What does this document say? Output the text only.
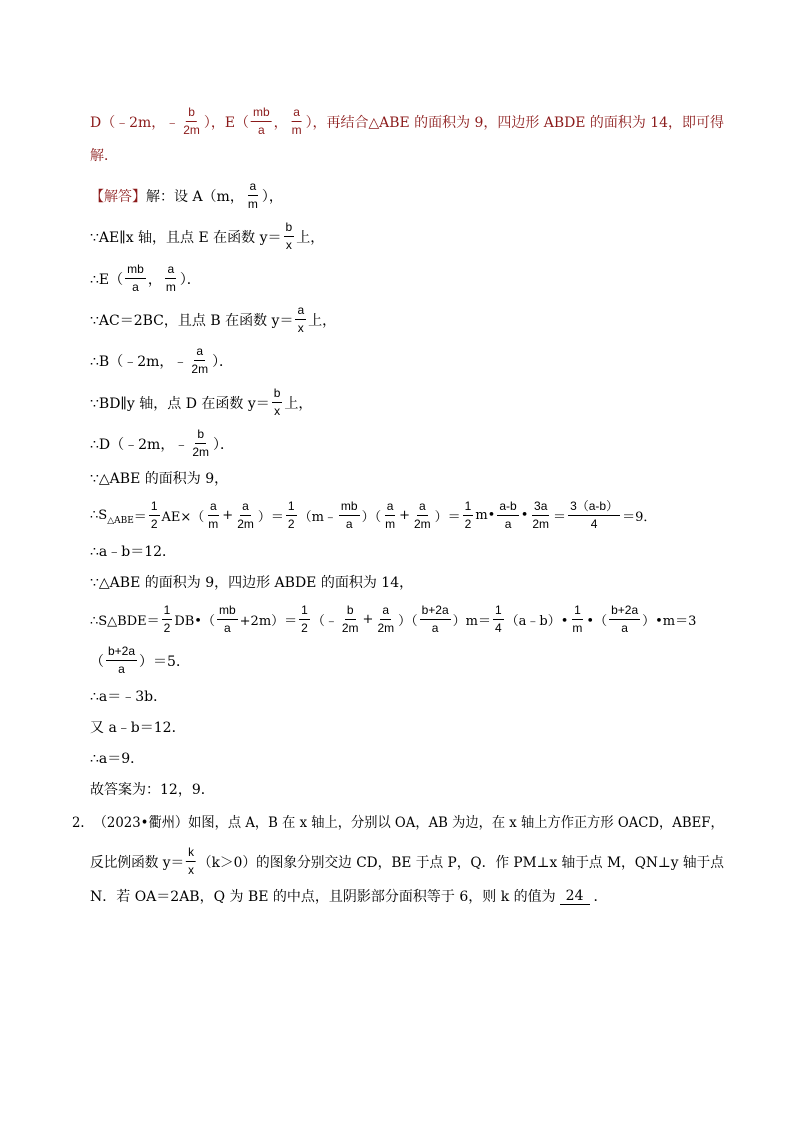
D（﹣2m，﹣
b
2m ），E（
mb
a ，
a
m ），再结合△ABE 的面积为 9，四边形 ABDE 的面积为 14，即可得
解．
【解答】 解：设 A（m，
a
m ），
∵AE∥x 轴，且点 E 在函数 y＝
b
x 上，
∴E（
mb
a ，
a
m ）．
∵AC＝2BC，且点 B 在函数 y＝
a
x 上，
∴B（﹣2m，﹣
a
2m ）．
∵BD∥y 轴，点 D 在函数 y＝
b
x 上，
∴D（﹣2m，﹣
b
2m ）．
∵△ABE 的面积为 9，
∴S △ABE ＝
1
2 AE×（
a
m
+ $\frac{a}{2m}$ ）＝
1
2 （m﹣
mb
a ）（
a
m
+ $\frac{a}{2m}$ ）＝
1
2
m•
a-b
a
•
3a
2m ＝
3（a-b）
4 ＝9．
∴a﹣b＝12．
∵△ABE 的面积为 9，四边形 ABDE 的面积为 14，
∴S△BDE＝
1
2 DB•（
mb
a +2m）＝
1
2 （﹣
b
2m
+ $\frac{a}{2m}$ ）（
b+2a
a ）m＝
1
4 （a﹣b）•
1
m •（
b+2a
a ）•m＝3
（
b+2a
a ）＝5．
∴a＝﹣3b．
又 a﹣b＝12．
∴a＝9．
故答案为：12，9．
2． （2023•衢州）如图，点 A，B 在 x 轴上，分别以 OA，AB 为边，在 x 轴上方作正方形 OACD，ABEF，
反比例函数 y＝
k
x （k＞0）的图象分别交边 CD，BE 于点 P，Q．作 PM⊥x 轴于点 M，QN⊥y 轴于点
N．若 OA＝2AB，Q 为 BE 的中点，且阴影部分面积等于 6，则 k 的值为 24 ．
